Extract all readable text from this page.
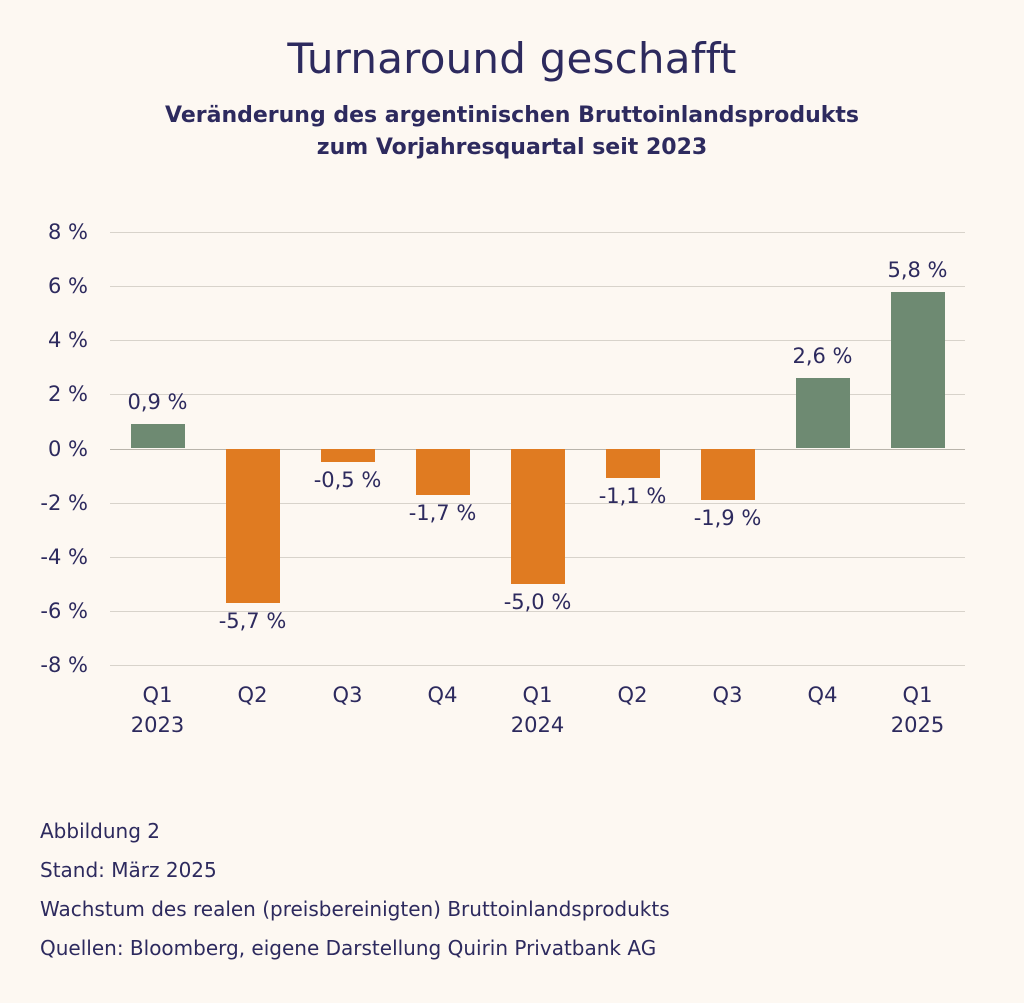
Turnaround geschafft
Veränderung des argentinischen Bruttoinlandsprodukts
zum Vorjahresquartal seit 2023
8 %
6 %
4 %
2 %
0 %
-2 %
-4 %
-6 %
-8 %
0,9 %
-5,7 %
-0,5 %
-1,7 %
-5,0 %
-1,1 %
-1,9 %
2,6 %
5,8 %
Q1
2023
Q2	Q3	Q4	Q1
2024
Q2	Q3	Q4	Q1
2025
Abbildung 2
Stand: März 2025
Wachstum des realen (preisbereinigten) Bruttoinlandsprodukts
Quellen: Bloomberg, eigene Darstellung Quirin Privatbank AG
